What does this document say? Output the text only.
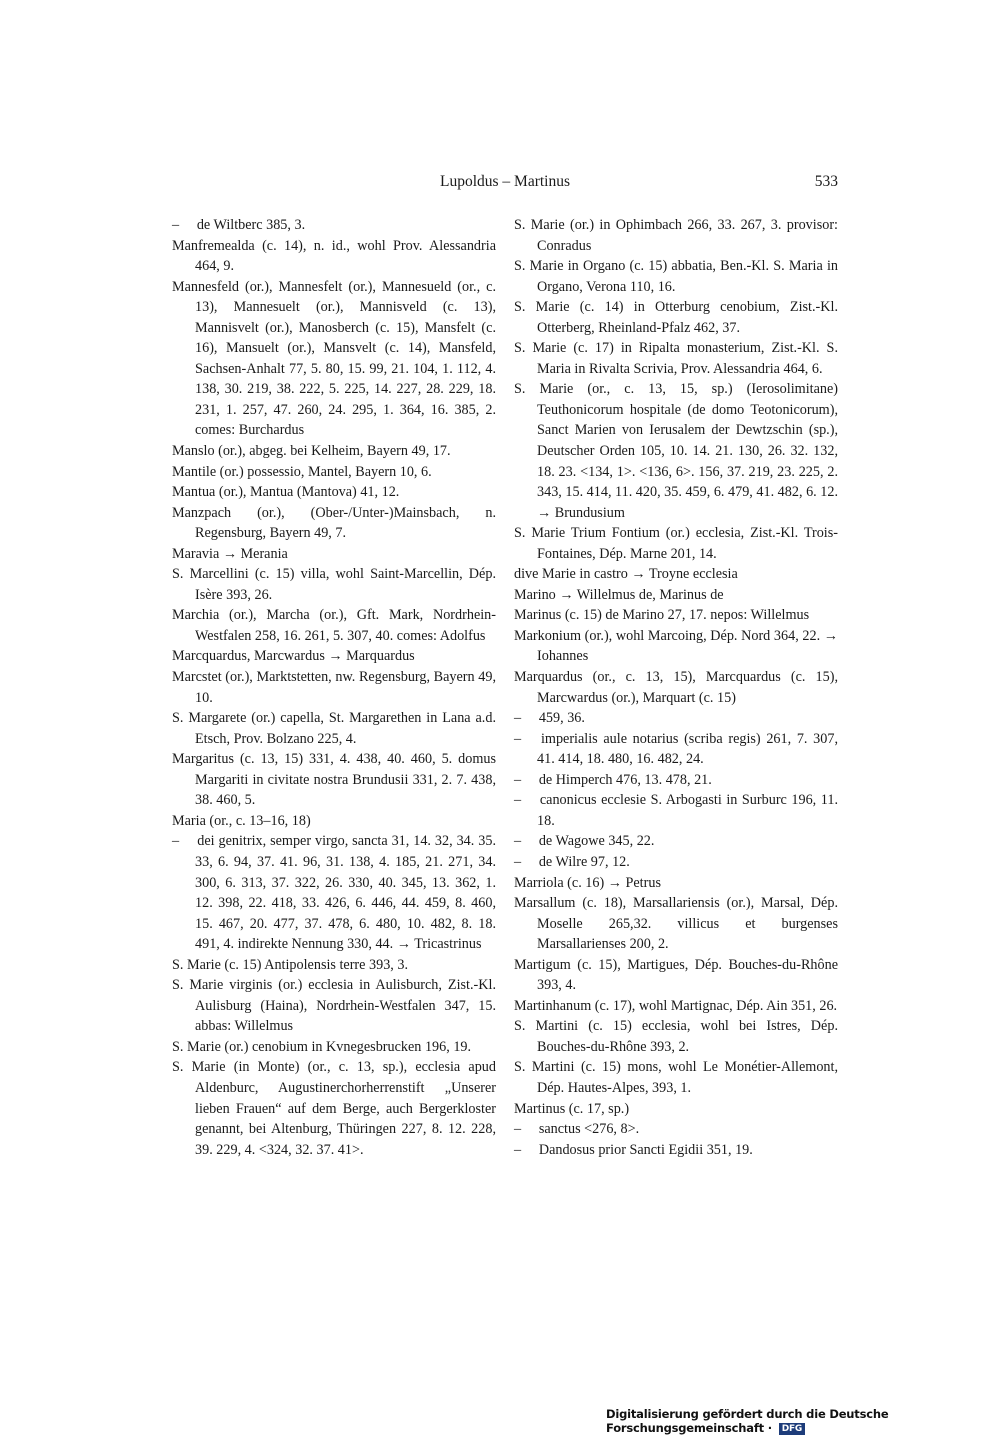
Lupoldus – Martinus	533

–  de Wiltberc 385, 3.

Manfremealda (c. 14), n. id., wohl Prov. Alessandria 464, 9.

Mannesfeld (or.), Mannesfelt (or.), Mannesueld (or., c. 13), Mannesuelt (or.), Mannisveld (c. 13), Mannisvelt (or.), Manosberch (c. 15), Mansfelt (c. 16), Mansuelt (or.), Mansvelt (c. 14), Mansfeld, Sachsen-Anhalt 77, 5. 80, 15. 99, 21. 104, 1. 112, 4. 138, 30. 219, 38. 222, 5. 225, 14. 227, 28. 229, 18. 231, 1. 257, 47. 260, 24. 295, 1. 364, 16. 385, 2. comes: Burchardus

Manslo (or.), abgeg. bei Kelheim, Bayern 49, 17.

Mantile (or.) possessio, Mantel, Bayern 10, 6.

Mantua (or.), Mantua (Mantova) 41, 12.

Manzpach (or.), (Ober-/Unter-)Mainsbach, n. Regensburg, Bayern 49, 7.

Maravia → Merania

S. Marcellini (c. 15) villa, wohl Saint-Marcellin, Dép. Isère 393, 26.

Marchia (or.), Marcha (or.), Gft. Mark, Nordrhein-Westfalen 258, 16. 261, 5. 307, 40. comes: Adolfus

Marcquardus, Marcwardus → Marquardus

Marcstet (or.), Marktstetten, nw. Regensburg, Bayern 49, 10.

S. Margarete (or.) capella, St. Margarethen in Lana a.d. Etsch, Prov. Bolzano 225, 4.

Margaritus (c. 13, 15) 331, 4. 438, 40. 460, 5. domus Margariti in civitate nostra Brundusii 331, 2. 7. 438, 38. 460, 5.

Maria (or., c. 13–16, 18)

–  dei genitrix, semper virgo, sancta 31, 14. 32, 34. 35. 33, 6. 94, 37. 41. 96, 31. 138, 4. 185, 21. 271, 34. 300, 6. 313, 37. 322, 26. 330, 40. 345, 13. 362, 1. 12. 398, 22. 418, 33. 426, 6. 446, 44. 459, 8. 460, 15. 467, 20. 477, 37. 478, 6. 480, 10. 482, 8. 18. 491, 4. indirekte Nennung 330, 44. → Tricastrinus

S. Marie (c. 15) Antipolensis terre 393, 3.

S. Marie virginis (or.) ecclesia in Aulisburch, Zist.-Kl. Aulisburg (Haina), Nordrhein-Westfalen 347, 15. abbas: Willelmus

S. Marie (or.) cenobium in Kvnegesbrucken 196, 19.

S. Marie (in Monte) (or., c. 13, sp.), ecclesia apud Aldenburc, Augustinerchorherrenstift „Unserer lieben Frauen“ auf dem Berge, auch Bergerkloster genannt, bei Altenburg, Thüringen 227, 8. 12. 228, 39. 229, 4. <324, 32. 37. 41>.

S. Marie (or.) in Ophimbach 266, 33. 267, 3. provisor: Conradus

S. Marie in Organo (c. 15) abbatia, Ben.-Kl. S. Maria in Organo, Verona 110, 16.

S. Marie (c. 14) in Otterburg cenobium, Zist.-Kl. Otterberg, Rheinland-Pfalz 462, 37.

S. Marie (c. 17) in Ripalta monasterium, Zist.-Kl. S. Maria in Rivalta Scrivia, Prov. Alessandria 464, 6.

S. Marie (or., c. 13, 15, sp.) (Ierosolimitane) Teuthonicorum hospitale (de domo Teotonicorum), Sanct Marien von Ierusalem der Dewtzschin (sp.), Deutscher Orden 105, 10. 14. 21. 130, 26. 32. 132, 18. 23. <134, 1>. <136, 6>. 156, 37. 219, 23. 225, 2. 343, 15. 414, 11. 420, 35. 459, 6. 479, 41. 482, 6. 12. → Brundusium

S. Marie Trium Fontium (or.) ecclesia, Zist.-Kl. Trois-Fontaines, Dép. Marne 201, 14.

dive Marie in castro → Troyne ecclesia

Marino → Willelmus de, Marinus de

Marinus (c. 15) de Marino 27, 17. nepos: Willelmus

Markonium (or.), wohl Marcoing, Dép. Nord 364, 22. → Iohannes

Marquardus (or., c. 13, 15), Marcquardus (c. 15), Marcwardus (or.), Marquart (c. 15)

–  459, 36.

–  imperialis aule notarius (scriba regis) 261, 7. 307, 41. 414, 18. 480, 16. 482, 24.

–  de Himperch 476, 13. 478, 21.

–  canonicus ecclesie S. Arbogasti in Surburc 196, 11. 18.

–  de Wagowe 345, 22.

–  de Wilre 97, 12.

Marriola (c. 16) → Petrus

Marsallum (c. 18), Marsallariensis (or.), Marsal, Dép. Moselle 265,32. villicus et burgenses Marsallarienses 200, 2.

Martigum (c. 15), Martigues, Dép. Bouches-du-Rhône 393, 4.

Martinhanum (c. 17), wohl Martignac, Dép. Ain 351, 26.

S. Martini (c. 15) ecclesia, wohl bei Istres, Dép. Bouches-du-Rhône 393, 2.

S. Martini (c. 15) mons, wohl Le Monétier-Allemont, Dép. Hautes-Alpes, 393, 1.

Martinus (c. 17, sp.)

–  sanctus <276, 8>.

–  Dandosus prior Sancti Egidii 351, 19.

Digitalisierung gefördert durch die Deutsche Forschungsgemeinschaft · DFG
